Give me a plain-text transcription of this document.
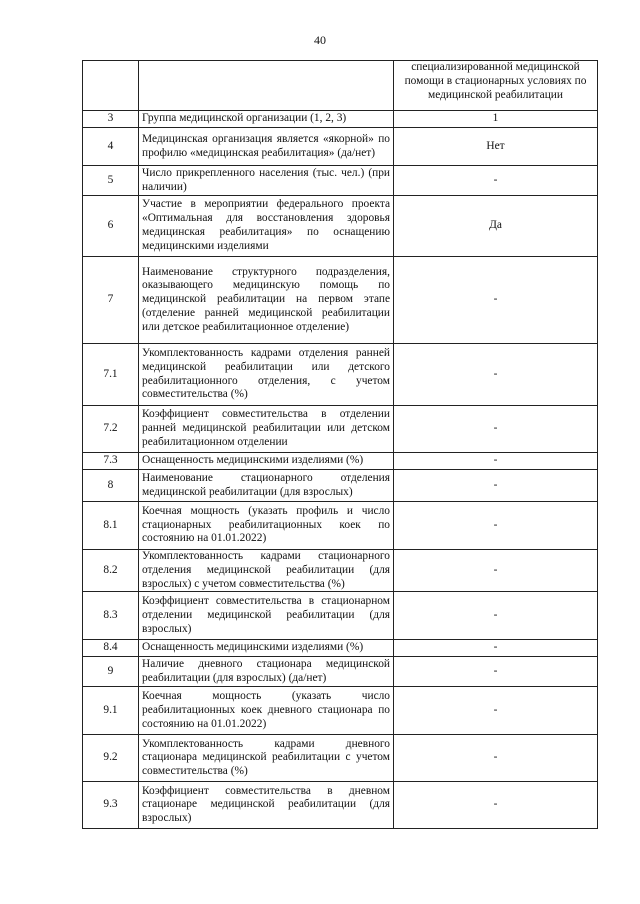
40
		специализированной медицинской помощи в стационарных условиях по медицинской реабилитации
3	Группа медицинской организации (1, 2, 3)	1
4	Медицинская организация является «якорной» по профилю «медицинская реабилитация» (да/нет)	Нет
5	Число прикрепленного населения (тыс. чел.) (при наличии)	-
6	Участие в мероприятии федерального проекта «Оптимальная для восстановления здоровья медицинская реабилитация» по оснащению медицинскими изделиями	Да
7	Наименование структурного подразделения, оказывающего медицинскую помощь по медицинской реабилитации на первом этапе (отделение ранней медицинской реабилитации или детское реабилитационное отделение)	-
7.1	Укомплектованность кадрами отделения ранней медицинской реабилитации или детского реабилитационного отделения, с учетом совместительства (%)	-
7.2	Коэффициент совместительства в отделении ранней медицинской реабилитации или детском реабилитационном отделении	-
7.3	Оснащенность медицинскими изделиями (%)	-
8	Наименование стационарного отделения медицинской реабилитации (для взрослых)	-
8.1	Коечная мощность (указать профиль и число стационарных реабилитационных коек по состоянию на 01.01.2022)	-
8.2	Укомплектованность кадрами стационарного отделения медицинской реабилитации (для взрослых) с учетом совместительства (%)	-
8.3	Коэффициент совместительства в стационарном отделении медицинской реабилитации (для взрослых)	-
8.4	Оснащенность медицинскими изделиями (%)	-
9	Наличие дневного стационара медицинской реабилитации (для взрослых) (да/нет)	-
9.1	Коечная мощность (указать число реабилитационных коек дневного стационара по состоянию на 01.01.2022)	-
9.2	Укомплектованность кадрами дневного стационара медицинской реабилитации с учетом совместительства (%)	-
9.3	Коэффициент совместительства в дневном стационаре медицинской реабилитации (для взрослых)	-
